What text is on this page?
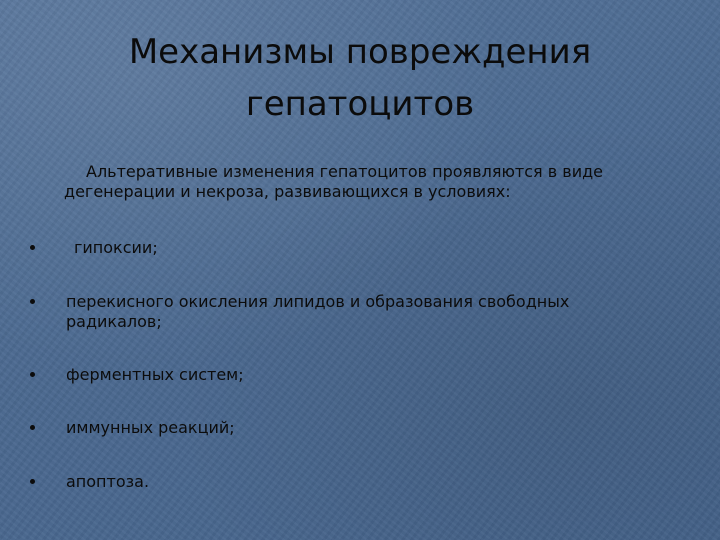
Механизмы повреждения
гепатоцитов
Альтеративные изменения гепатоцитов проявляются в виде
дегенерации и некроза, развивающихся в условиях:
гипоксии;
перекисного окисления липидов и образования свободных
радикалов;
ферментных систем;
иммунных реакций;
апоптоза.
